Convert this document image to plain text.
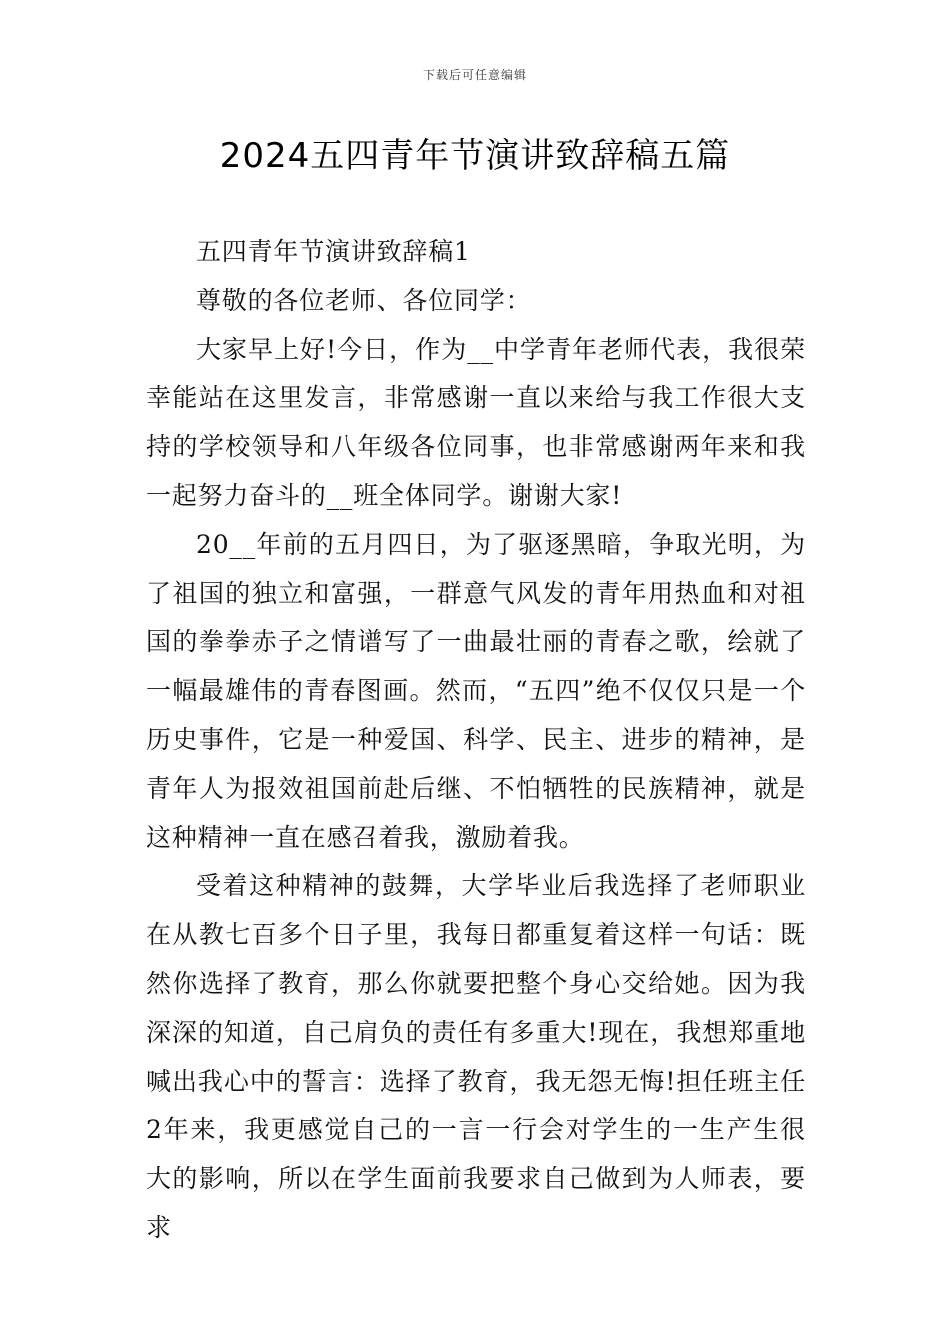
下载后可任意编辑
2024五四青年节演讲致辞稿五篇

五四青年节演讲致辞稿1

尊敬的各位老师、各位同学：

大家早上好!今日，作为__中学青年老师代表，我很荣幸能站在这里发言，非常感谢一直以来给与我工作很大支持的学校领导和八年级各位同事，也非常感谢两年来和我一起努力奋斗的__班全体同学。谢谢大家!

20__年前的五月四日，为了驱逐黑暗，争取光明，为了祖国的独立和富强，一群意气风发的青年用热血和对祖国的拳拳赤子之情谱写了一曲最壮丽的青春之歌，绘就了一幅最雄伟的青春图画。然而，“五四”绝不仅仅只是一个历史事件，它是一种爱国、科学、民主、进步的精神，是青年人为报效祖国前赴后继、不怕牺牲的民族精神，就是这种精神一直在感召着我，激励着我。

受着这种精神的鼓舞，大学毕业后我选择了老师职业在从教七百多个日子里，我每日都重复着这样一句话：既然你选择了教育，那么你就要把整个身心交给她。因为我深深的知道，自己肩负的责任有多重大!现在，我想郑重地喊出我心中的誓言：选择了教育，我无怨无悔!担任班主任2年来，我更感觉自己的一言一行会对学生的一生产生很大的影响，所以在学生面前我要求自己做到为人师表，要求
